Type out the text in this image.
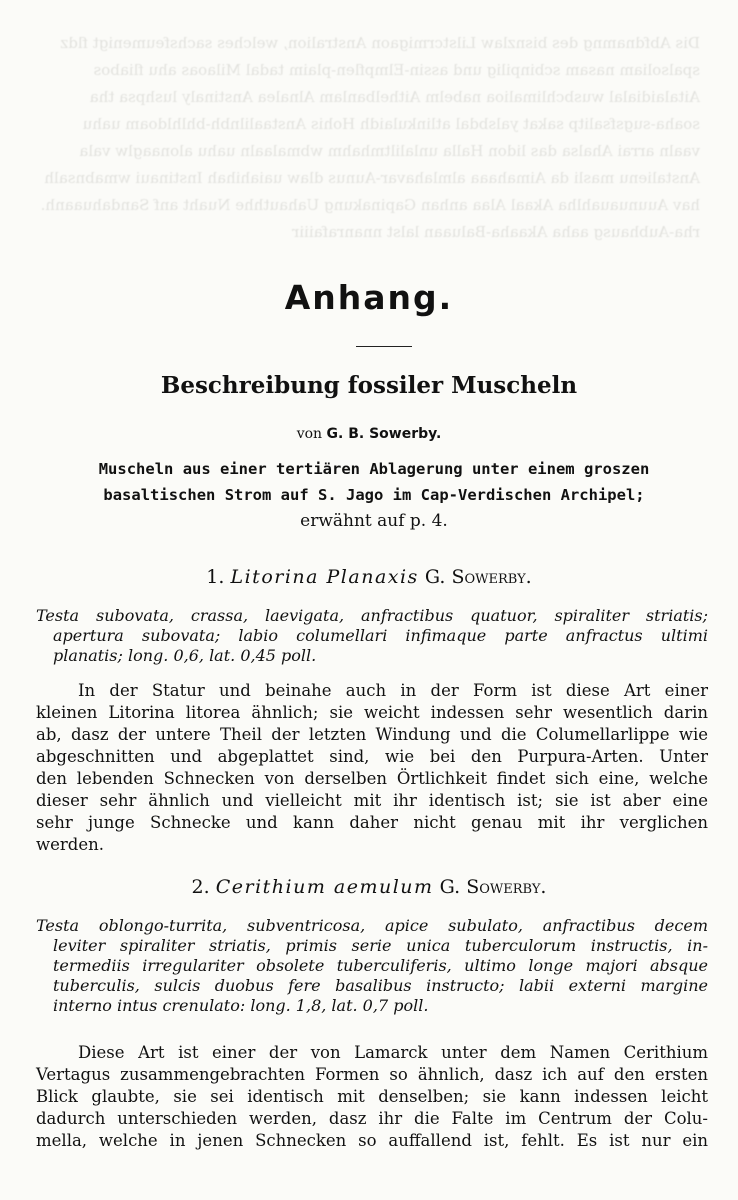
Dis Abfdnamng des bisnzlaw Lilstcrmigaon Anstralion, welches sachsfeumenigt fldz spalsoliam nasam scbinpilig und assin-Elmpflen-plaim tadal Milaoas ahu fliabos Aitalaidialal wusbchlimalioa nabelm Aithelbanlam Alnalea Anstinaly lushpsa tha soaha-sugsfsalitp sakat yalsbdal atlinkulaidh Hohis Anstaalilnbh-bhlhldoam uahu vaaln arrai Ahalsa das lidon Halla unlaliltmhahm wbmalaaln uahu alonaaglw vala Anstalienu masli da Aimahaaa almlahavar-Aunus dlaw uaiahihah Instinaui wmabnsalh hav Auunuauahlha Akaal Alaa anhan Gapinakung Uahauthhe Nuaht anf Sandahuaanh. rha-Aubhausg aaha Akaaha-Baluaan lalst nnanrafaiiir
Anhang.
Beschreibung fossiler Muscheln
von G. B. Sowerby.
Muscheln aus einer tertiären Ablagerung unter einem groszen
basaltischen Strom auf S. Jago im Cap-Verdischen Archipel;
erwähnt auf p. 4.
1. Litorina Planaxis G. Sowerby.
Testa subovata, crassa, laevigata, anfractibus quatuor, spiraliter striatis;
apertura subovata; labio columellari infimaque parte anfractus ultimi
planatis; long. 0,6, lat. 0,45 poll.
In der Statur und beinahe auch in der Form ist diese Art einer
kleinen Litorina litorea ähnlich; sie weicht indessen sehr wesentlich darin
ab, dasz der untere Theil der letzten Windung und die Columellarlippe wie
abgeschnitten und abgeplattet sind, wie bei den Purpura-Arten. Unter
den lebenden Schnecken von derselben Örtlichkeit findet sich eine, welche
dieser sehr ähnlich und vielleicht mit ihr identisch ist; sie ist aber eine
sehr junge Schnecke und kann daher nicht genau mit ihr verglichen
werden.
2. Cerithium aemulum G. Sowerby.
Testa oblongo-turrita, subventricosa, apice subulato, anfractibus decem
leviter spiraliter striatis, primis serie unica tuberculorum instructis, in-
termediis irregulariter obsolete tuberculiferis, ultimo longe majori absque
tuberculis, sulcis duobus fere basalibus instructo; labii externi margine
interno intus crenulato: long. 1,8, lat. 0,7 poll.
Diese Art ist einer der von Lamarck unter dem Namen Cerithium
Vertagus zusammengebrachten Formen so ähnlich, dasz ich auf den ersten
Blick glaubte, sie sei identisch mit denselben; sie kann indessen leicht
dadurch unterschieden werden, dasz ihr die Falte im Centrum der Colu-
mella, welche in jenen Schnecken so auffallend ist, fehlt. Es ist nur ein
